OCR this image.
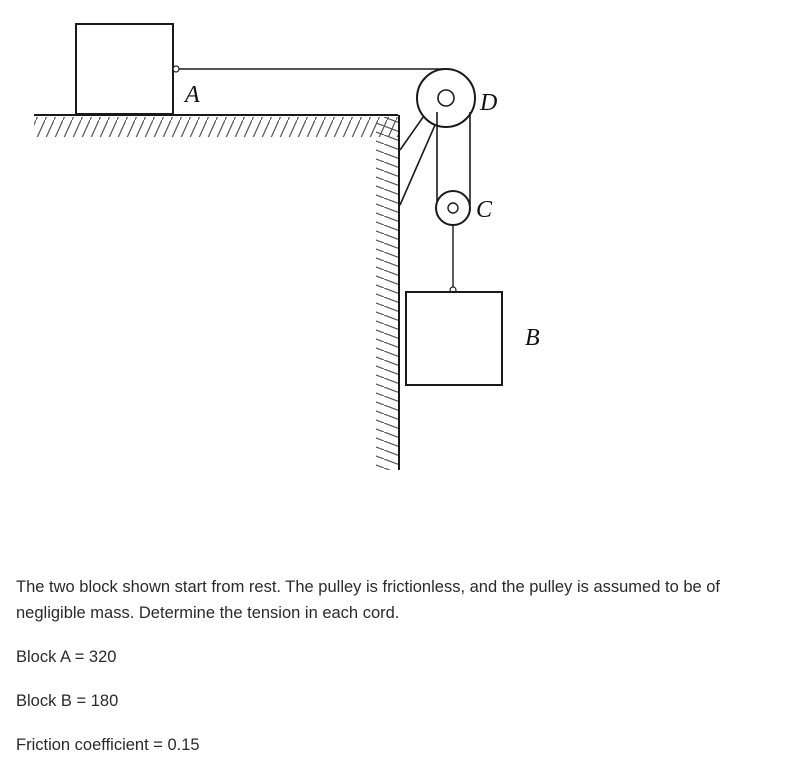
A	D
C
B

The two block shown start from rest. The pulley is frictionless, and the pulley is assumed to be of negligible mass. Determine the tension in each cord.

Block A = 320

Block B = 180

Friction coefficient = 0.15
